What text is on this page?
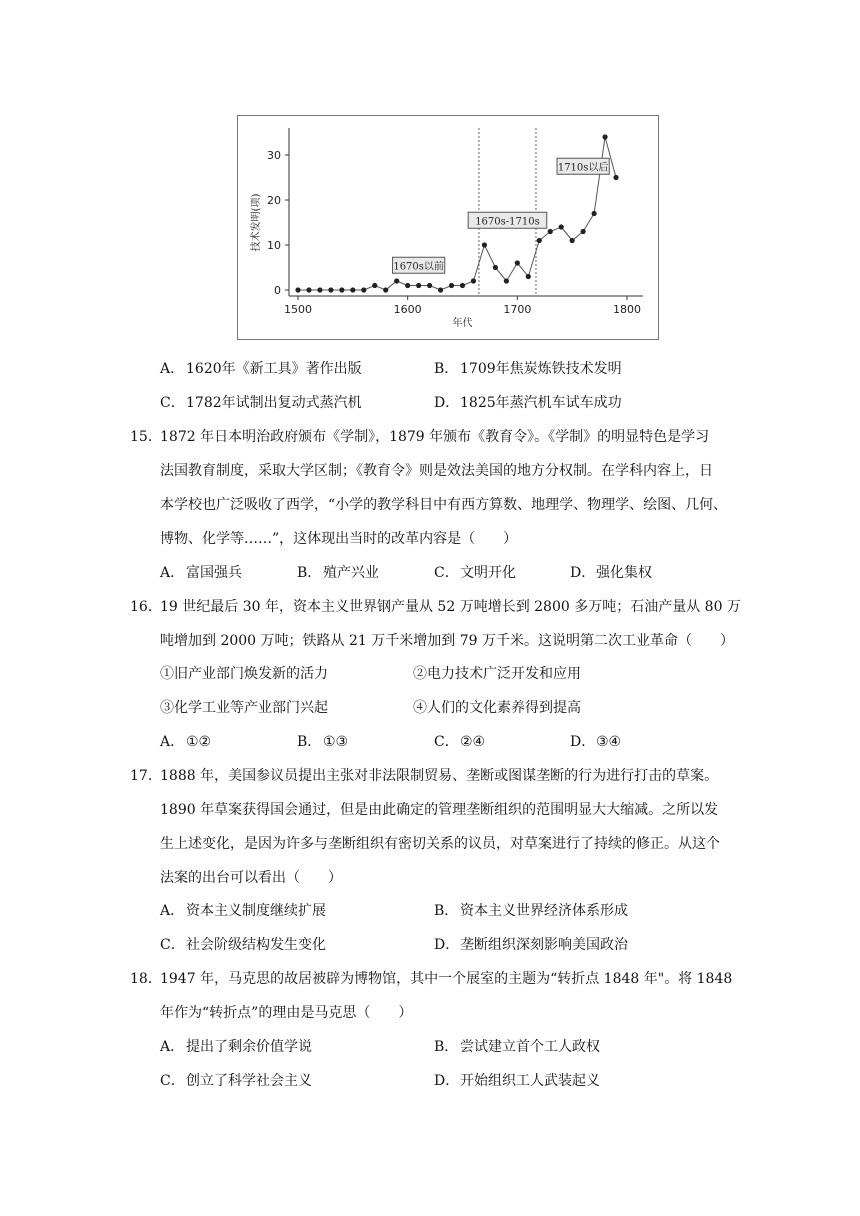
0
10
20
30
1500	1600	1700	1800
年代
技术发明(项)
1670s以前
1670s-1710s
1710s以后
A． 1620年《新工具》著作出版	B． 1709年焦炭炼铁技术发明
C．1782年试制出复动式蒸汽机	D．1825年蒸汽机车试车成功
15．
1872 年日本明治政府颁布《学制》，1879 年颁布《教育令》。《学制》的明显特色是学习
法国教育制度，采取大学区制；《教育令》则是效法美国的地方分权制。在学科内容上，日
本学校也广泛吸收了西学，“小学的教学科目中有西方算数、地理学、物理学、绘图、几何、
博物、化学等……”，这体现出当时的改革内容是（　　）
A． 富国强兵	B． 殖产兴业	C．文明开化	D．强化集权
16．
19 世纪最后 30 年，资本主义世界钢产量从 52 万吨增长到 2800 多万吨；石油产量从 80 万
吨增加到 2000 万吨；铁路从 21 万千米增加到 79 万千米。这说明第二次工业革命（　　）
①旧产业部门焕发新的活力	②电力技术广泛开发和应用
③化学工业等产业部门兴起	④人们的文化素养得到提高
A． ①②	B． ①③	C．②④	D．③④
17．
1888 年，美国参议员提出主张对非法限制贸易、垄断或图谋垄断的行为进行打击的草案。
1890 年草案获得国会通过，但是由此确定的管理垄断组织的范围明显大大缩减。之所以发
生上述变化，是因为许多与垄断组织有密切关系的议员，对草案进行了持续的修正。从这个
法案的出台可以看出（　　）
A． 资本主义制度继续扩展	B． 资本主义世界经济体系形成
C．社会阶级结构发生变化	D．垄断组织深刻影响美国政治
18．
1947 年，马克思的故居被辟为博物馆，其中一个展室的主题为“转折点 1848 年"。将 1848
年作为“转折点”的理由是马克思（　　）
A． 提出了剩余价值学说	B． 尝试建立首个工人政权
C．创立了科学社会主义	D．开始组织工人武装起义
